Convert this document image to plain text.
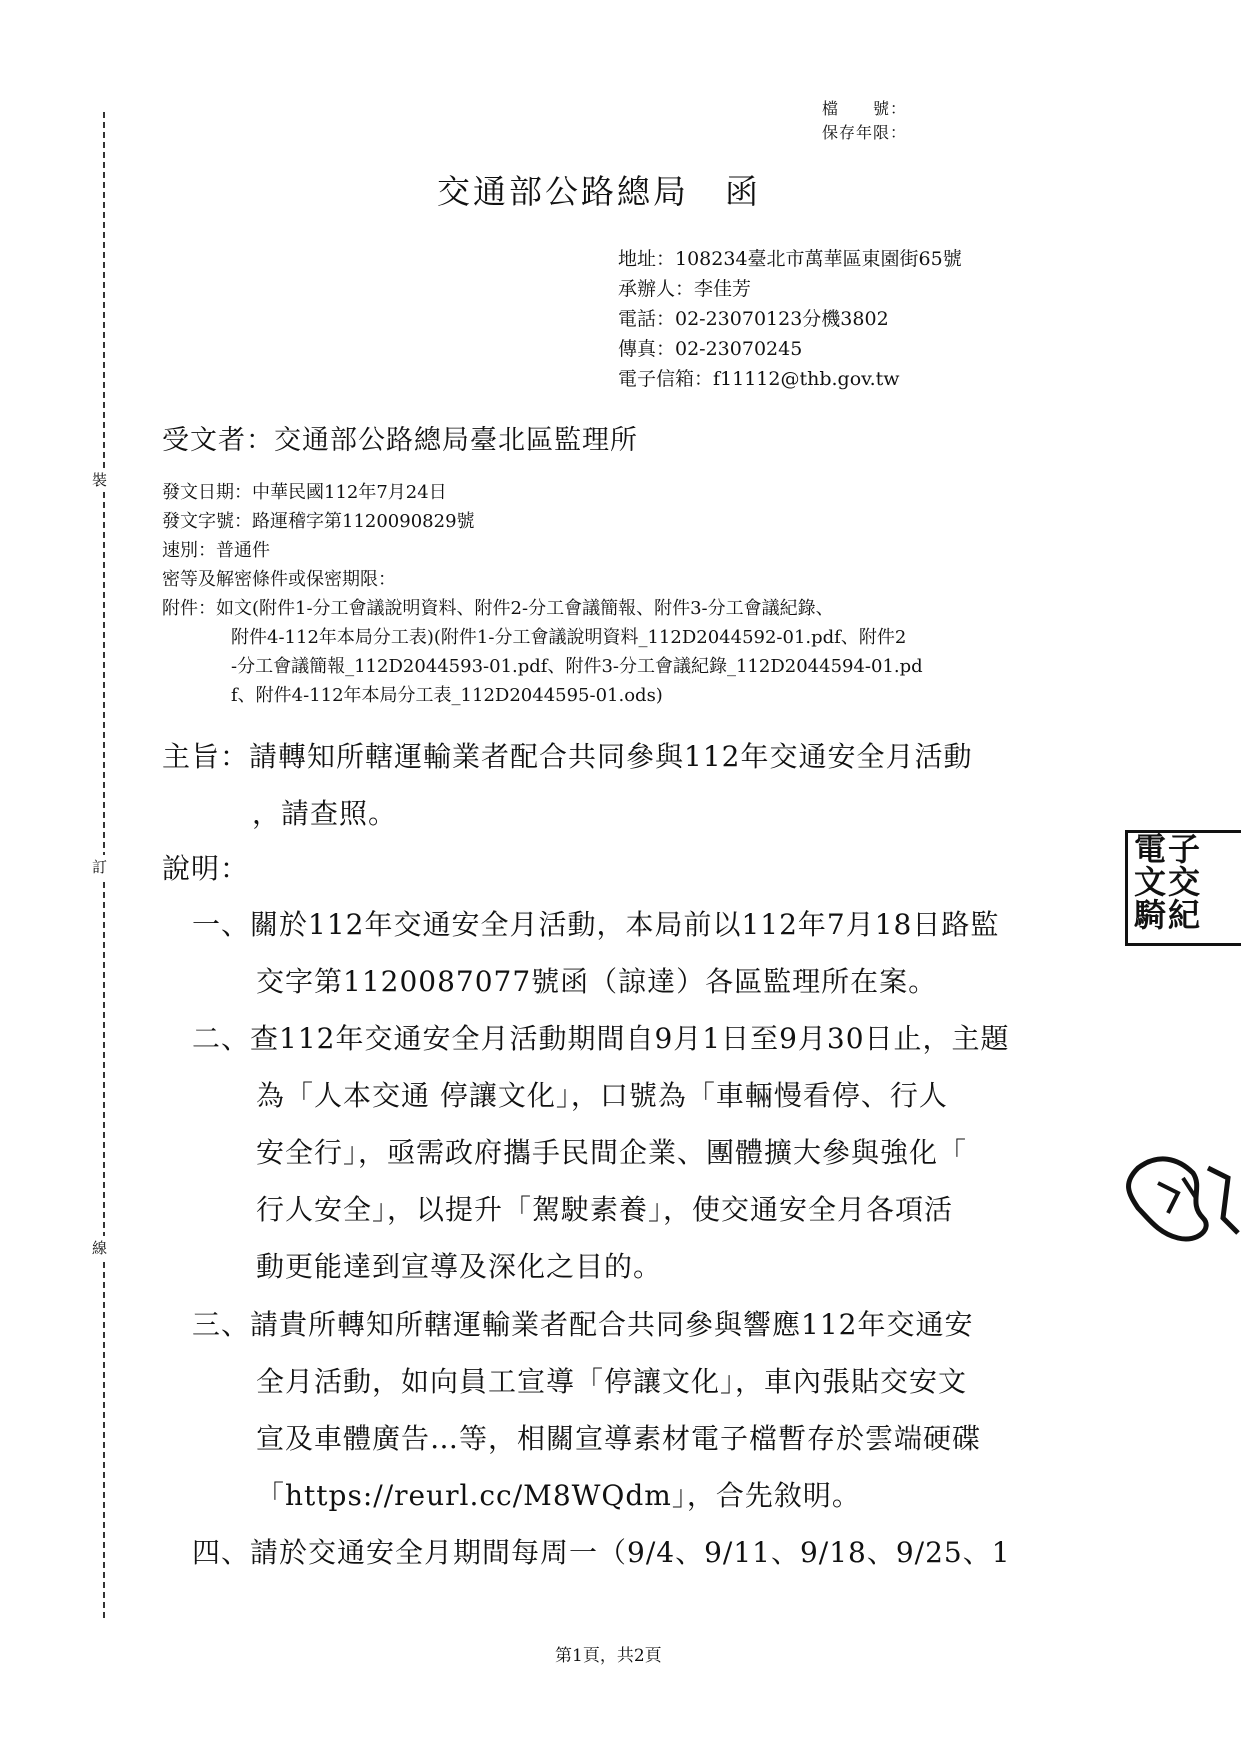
裝
訂
線
檔　　號：
保存年限：
交通部公路總局　函
地址：108234臺北市萬華區東園街65號
承辦人：李佳芳
電話：02-23070123分機3802
傳真：02-23070245
電子信箱：f11112@thb.gov.tw
受文者：交通部公路總局臺北區監理所
發文日期：中華民國112年7月24日
發文字號：路運稽字第1120090829號
速別：普通件
密等及解密條件或保密期限：
附件：如文(附件1-分工會議說明資料、附件2-分工會議簡報、附件3-分工會議紀錄、
附件4-112年本局分工表)(附件1-分工會議說明資料_112D2044592-01.pdf、附件2
-分工會議簡報_112D2044593-01.pdf、附件3-分工會議紀錄_112D2044594-01.pd
f、附件4-112年本局分工表_112D2044595-01.ods)
主旨：請轉知所轄運輸業者配合共同參與112年交通安全月活動
，請查照。
說明：
一、關於112年交通安全月活動，本局前以112年7月18日路監
交字第1120087077號函（諒達）各區監理所在案。
二、查112年交通安全月活動期間自9月1日至9月30日止，主題
為「人本交通 停讓文化」，口號為「車輛慢看停、行人
安全行」，亟需政府攜手民間企業、團體擴大參與強化「
行人安全」，以提升「駕駛素養」，使交通安全月各項活
動更能達到宣導及深化之目的。
三、請貴所轉知所轄運輸業者配合共同參與響應112年交通安
全月活動，如向員工宣導「停讓文化」，車內張貼交安文
宣及車體廣告…等，相關宣導素材電子檔暫存於雲端硬碟
「https://reurl.cc/M8WQdm」，合先敘明。
四、請於交通安全月期間每周一（9/4、9/11、9/18、9/25、1
電子
文交
騎紀
第1頁，共2頁
